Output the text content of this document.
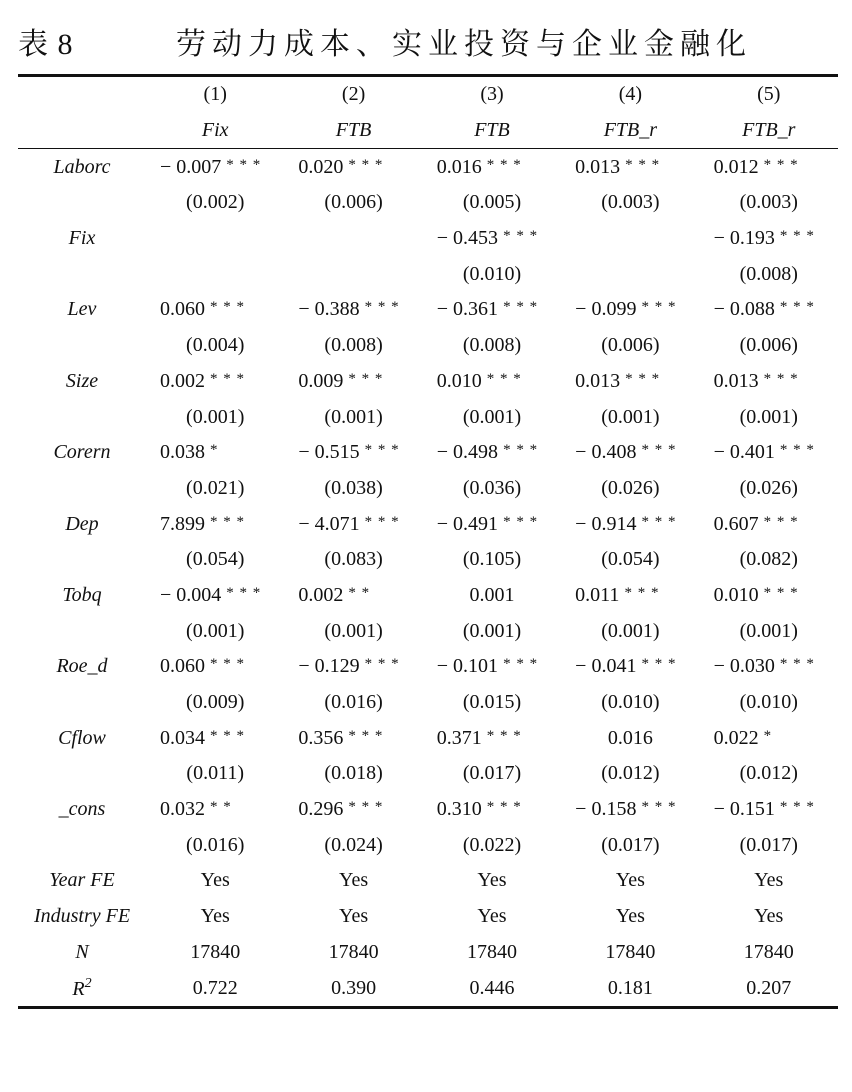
表 8	劳动力成本、实业投资与企业金融化
	(1)	(2)	(3)	(4)	(5)
	Fix	FTB	FTB	FTB_r	FTB_r
Laborc	− 0.007 * * *	0.020 * * *	0.016 * * *	0.013 * * *	0.012 * * *
	(0.002)	(0.006)	(0.005)	(0.003)	(0.003)
Fix			− 0.453 * * *		− 0.193 * * *
			(0.010)		(0.008)
Lev	0.060 * * *	− 0.388 * * *	− 0.361 * * *	− 0.099 * * *	− 0.088 * * *
	(0.004)	(0.008)	(0.008)	(0.006)	(0.006)
Size	0.002 * * *	0.009 * * *	0.010 * * *	0.013 * * *	0.013 * * *
	(0.001)	(0.001)	(0.001)	(0.001)	(0.001)
Corern	0.038 *	− 0.515 * * *	− 0.498 * * *	− 0.408 * * *	− 0.401 * * *
	(0.021)	(0.038)	(0.036)	(0.026)	(0.026)
Dep	7.899 * * *	− 4.071 * * *	− 0.491 * * *	− 0.914 * * *	0.607 * * *
	(0.054)	(0.083)	(0.105)	(0.054)	(0.082)
Tobq	− 0.004 * * *	0.002 * *	0.001	0.011 * * *	0.010 * * *
	(0.001)	(0.001)	(0.001)	(0.001)	(0.001)
Roe_d	0.060 * * *	− 0.129 * * *	− 0.101 * * *	− 0.041 * * *	− 0.030 * * *
	(0.009)	(0.016)	(0.015)	(0.010)	(0.010)
Cflow	0.034 * * *	0.356 * * *	0.371 * * *	0.016	0.022 *
	(0.011)	(0.018)	(0.017)	(0.012)	(0.012)
_cons	0.032 * *	0.296 * * *	0.310 * * *	− 0.158 * * *	− 0.151 * * *
	(0.016)	(0.024)	(0.022)	(0.017)	(0.017)
Year FE	Yes	Yes	Yes	Yes	Yes
Industry FE	Yes	Yes	Yes	Yes	Yes
N	17840	17840	17840	17840	17840
$R^2$	0.722	0.390	0.446	0.181	0.207
